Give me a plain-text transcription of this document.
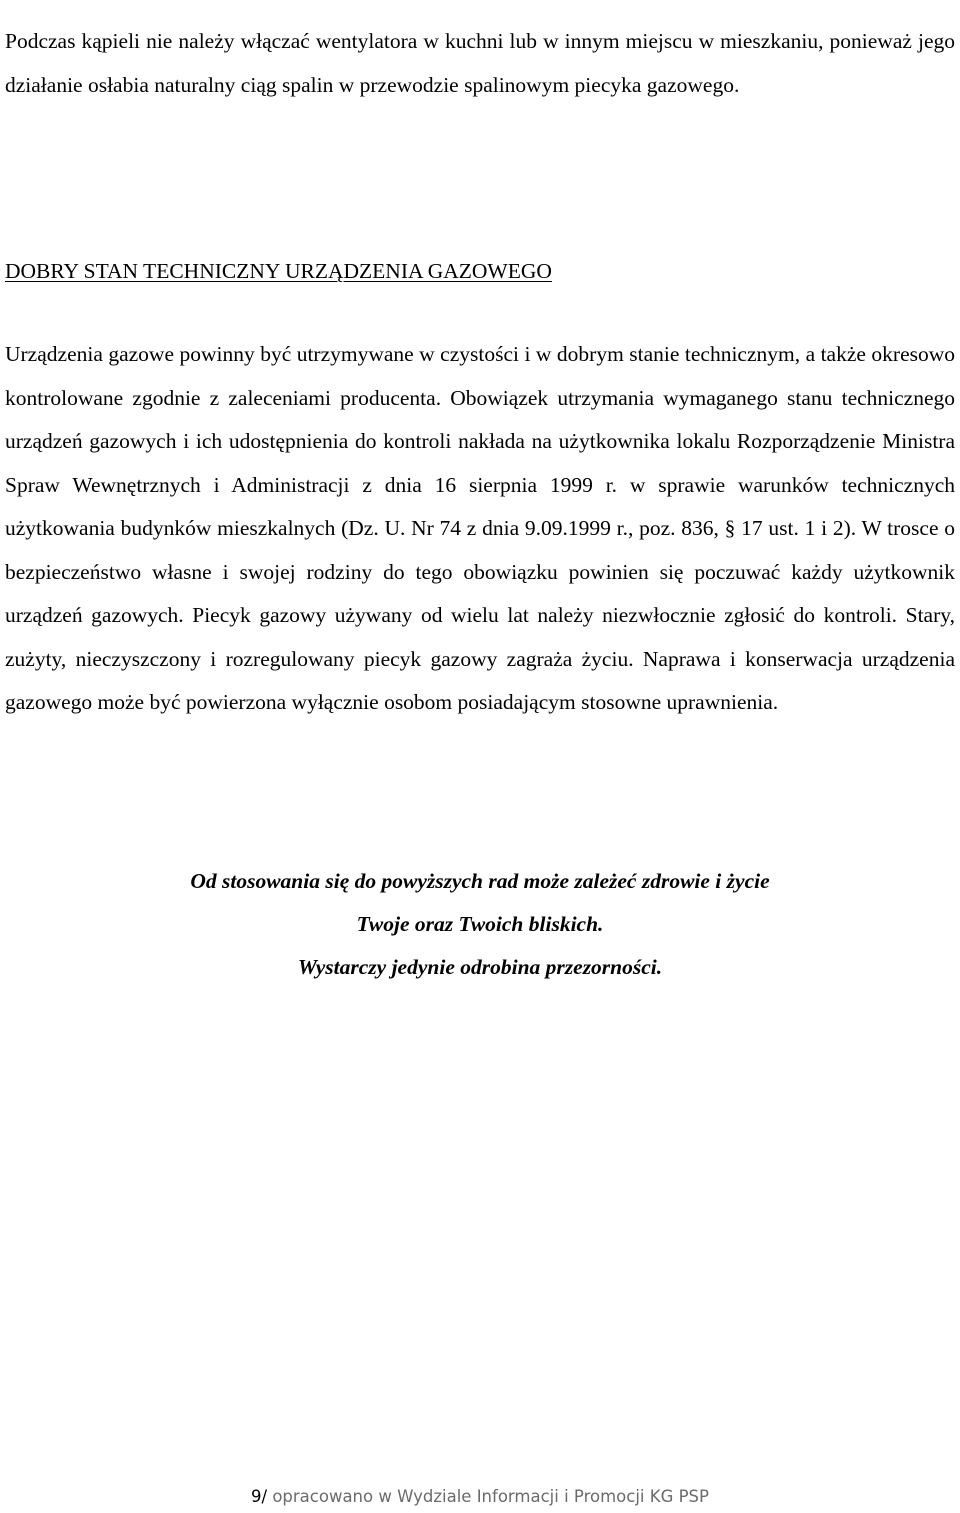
Podczas kąpieli nie należy włączać wentylatora w kuchni lub w innym miejscu w mieszkaniu, ponieważ jego działanie osłabia naturalny ciąg spalin w przewodzie spalinowym piecyka gazowego.

DOBRY STAN TECHNICZNY URZĄDZENIA GAZOWEGO

Urządzenia gazowe powinny być utrzymywane w czystości i w dobrym stanie technicznym, a także okresowo kontrolowane zgodnie z zaleceniami producenta. Obowiązek utrzymania wymaganego stanu technicznego urządzeń gazowych i ich udostępnienia do kontroli nakłada na użytkownika lokalu Rozporządzenie Ministra Spraw Wewnętrznych i Administracji z dnia 16 sierpnia 1999 r. w sprawie warunków technicznych użytkowania budynków mieszkalnych (Dz. U. Nr 74 z dnia 9.09.1999 r., poz. 836, § 17 ust. 1 i 2). W trosce o bezpieczeństwo własne i swojej rodziny do tego obowiązku powinien się poczuwać każdy użytkownik urządzeń gazowych. Piecyk gazowy używany od wielu lat należy niezwłocznie zgłosić do kontroli. Stary, zużyty, nieczyszczony i rozregulowany piecyk gazowy zagraża życiu. Naprawa i konserwacja urządzenia gazowego może być powierzona wyłącznie osobom posiadającym stosowne uprawnienia.

Od stosowania się do powyższych rad może zależeć zdrowie i życie
Twoje oraz Twoich bliskich.
Wystarczy jedynie odrobina przezorności.
9/ opracowano w Wydziale Informacji i Promocji KG PSP
